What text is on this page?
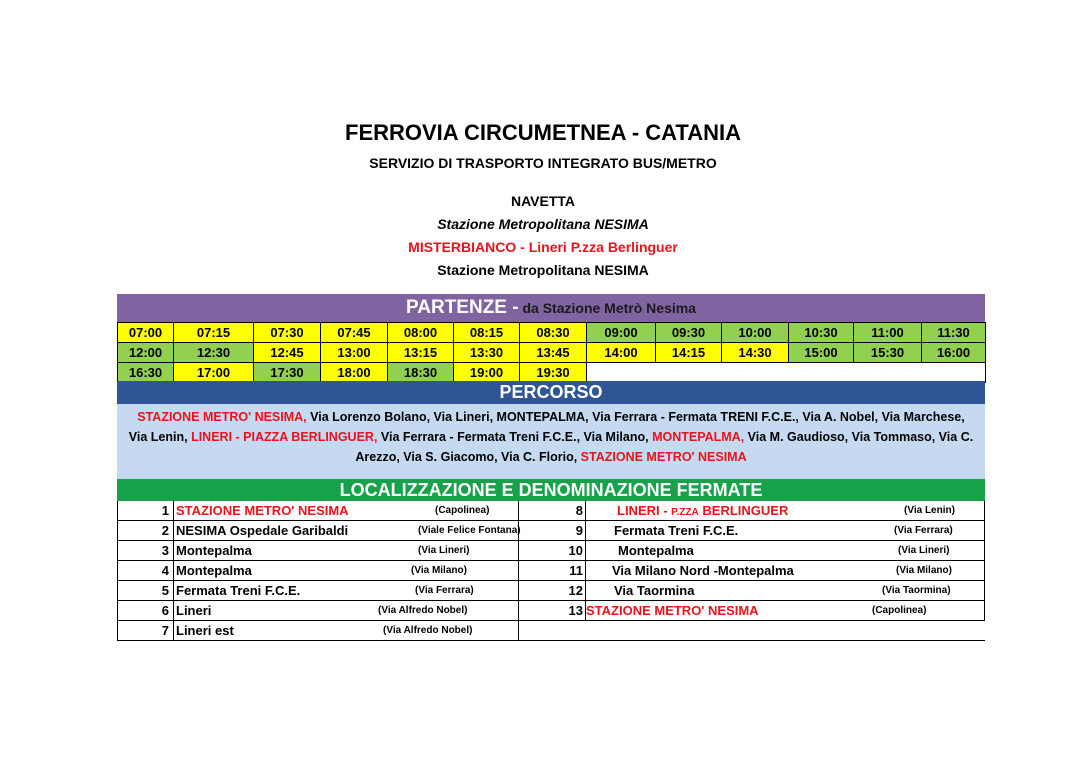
FERROVIA CIRCUMETNEA - CATANIA
SERVIZIO DI TRASPORTO INTEGRATO BUS/METRO
NAVETTA
Stazione Metropolitana NESIMA
MISTERBIANCO - Lineri P.zza Berlinguer
Stazione Metropolitana NESIMA
PARTENZE - da Stazione Metrò Nesima
07:00	07:15	07:30	07:45	08:00	08:15	08:30	09:00	09:30	10:00	10:30	11:00	11:30
12:00	12:30	12:45	13:00	13:15	13:30	13:45	14:00	14:15	14:30	15:00	15:30	16:00
16:30	17:00	17:30	18:00	18:30	19:00	19:30						
PERCORSO
STAZIONE METRO' NESIMA, Via Lorenzo Bolano, Via Lineri, MONTEPALMA, Via Ferrara - Fermata TRENI F.C.E., Via A. Nobel, Via Marchese, Via Lenin, LINERI - PIAZZA BERLINGUER, Via Ferrara - Fermata Treni F.C.E., Via Milano, MONTEPALMA, Via M. Gaudioso, Via Tommaso, Via C. Arezzo, Via S. Giacomo, Via C. Florio, STAZIONE METRO' NESIMA
LOCALIZZAZIONE E DENOMINAZIONE FERMATE
1 STAZIONE METRO' NESIMA	(Capolinea)	8	LINERI - P.ZZA BERLINGUER	(Via Lenin)
2 NESIMA Ospedale Garibaldi	(Viale Felice Fontana)	9 Fermata Treni F.C.E.	(Via Ferrara)
3 Montepalma	(Via Lineri)	10	Montepalma	(Via Lineri)
4 Montepalma	(Via Milano)	11 Via Milano Nord -Montepalma	(Via Milano)
5 Fermata Treni F.C.E.	(Via Ferrara)	12 Via Taormina	(Via Taormina)
6 Lineri	(Via Alfredo Nobel)	13 STAZIONE METRO' NESIMA	(Capolinea)
7 Lineri est	(Via Alfredo Nobel)
